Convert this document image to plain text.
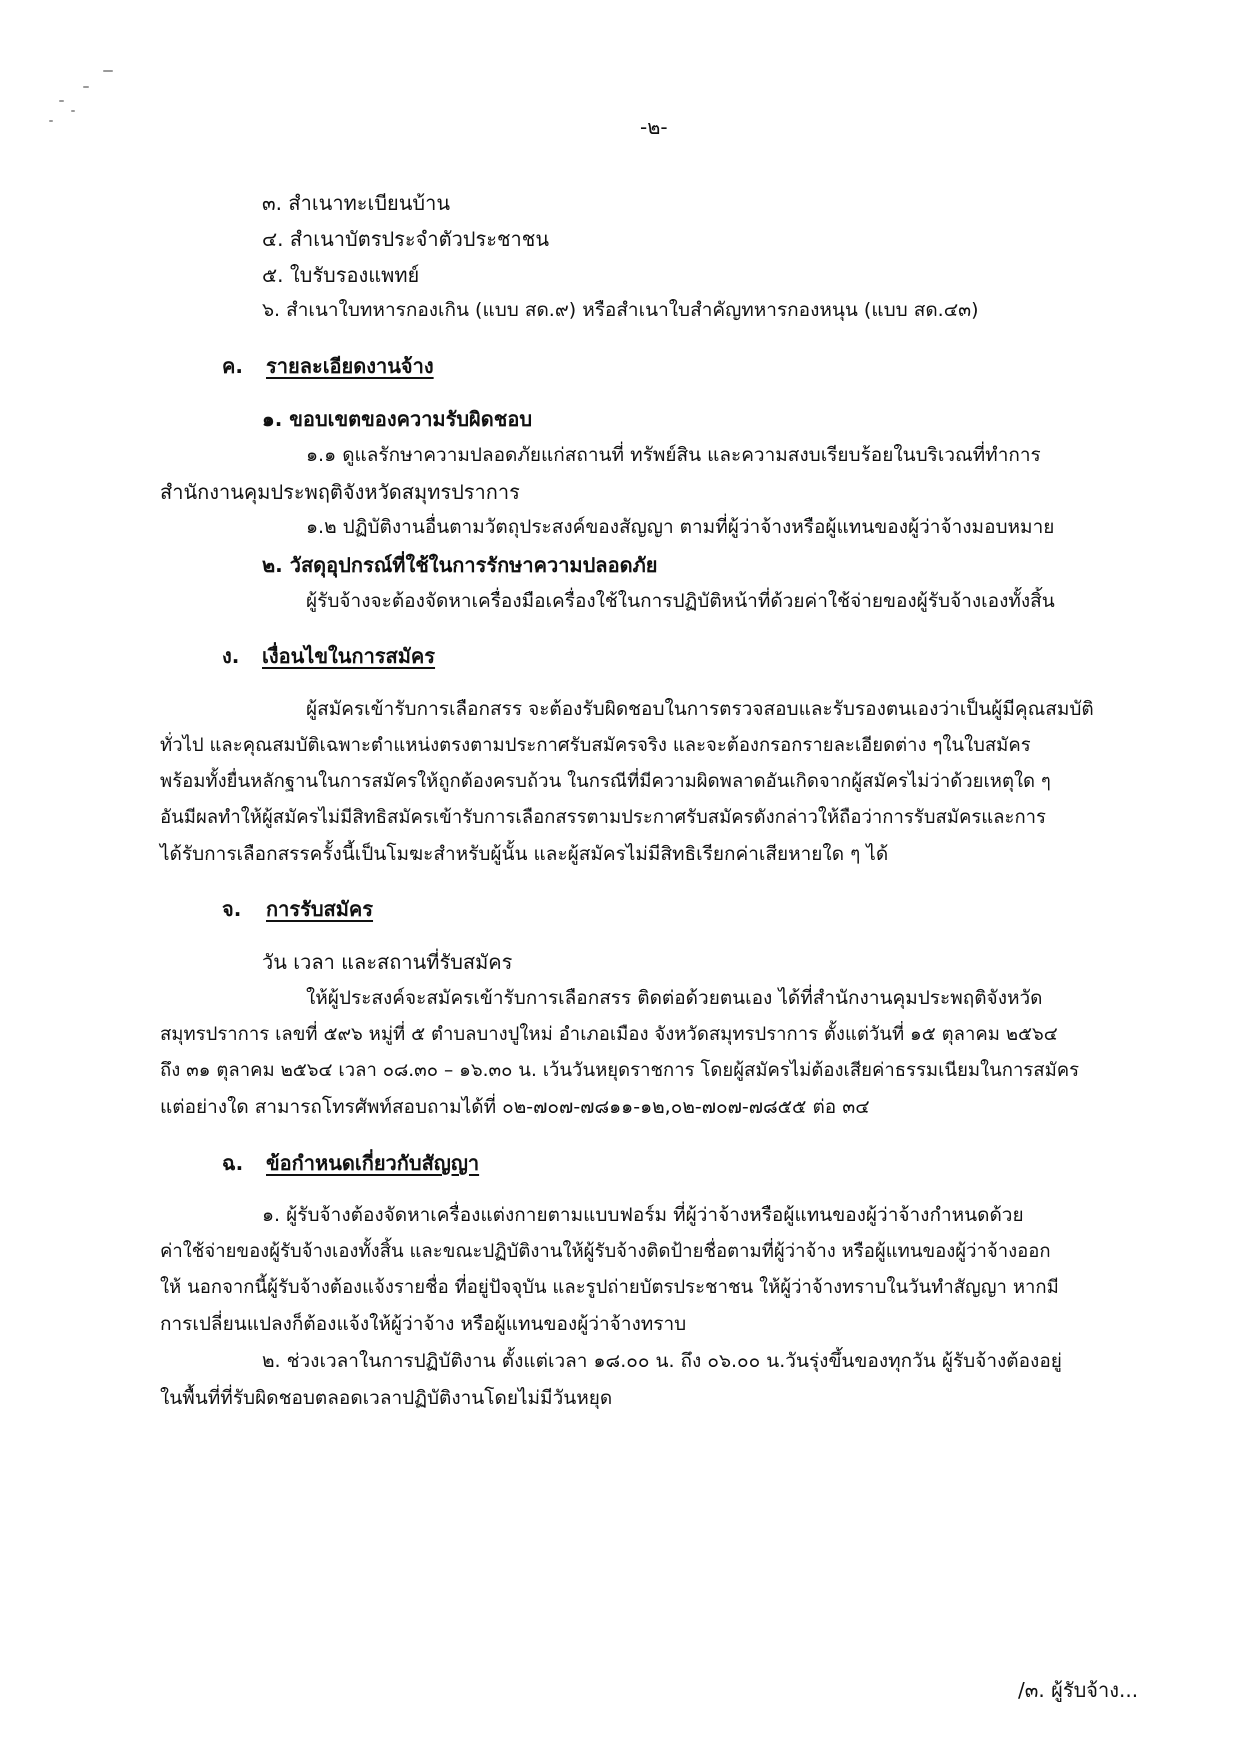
-๒-
๓. สำเนาทะเบียนบ้าน
๔. สำเนาบัตรประจำตัวประชาชน
๕. ใบรับรองแพทย์
๖. สำเนาใบทหารกองเกิน (แบบ สด.๙) หรือสำเนาใบสำคัญทหารกองหนุน (แบบ สด.๔๓)
ค. รายละเอียดงานจ้าง
๑. ขอบเขตของความรับผิดชอบ
๑.๑ ดูแลรักษาความปลอดภัยแก่สถานที่ ทรัพย์สิน และความสงบเรียบร้อยในบริเวณที่ทำการ
สำนักงานคุมประพฤติจังหวัดสมุทรปราการ
๑.๒ ปฏิบัติงานอื่นตามวัตถุประสงค์ของสัญญา ตามที่ผู้ว่าจ้างหรือผู้แทนของผู้ว่าจ้างมอบหมาย
๒. วัสดุอุปกรณ์ที่ใช้ในการรักษาความปลอดภัย
ผู้รับจ้างจะต้องจัดหาเครื่องมือเครื่องใช้ในการปฏิบัติหน้าที่ด้วยค่าใช้จ่ายของผู้รับจ้างเองทั้งสิ้น
ง. เงื่อนไขในการสมัคร
ผู้สมัครเข้ารับการเลือกสรร จะต้องรับผิดชอบในการตรวจสอบและรับรองตนเองว่าเป็นผู้มีคุณสมบัติ
ทั่วไป และคุณสมบัติเฉพาะตำแหน่งตรงตามประกาศรับสมัครจริง และจะต้องกรอกรายละเอียดต่าง ๆในใบสมัคร
พร้อมทั้งยื่นหลักฐานในการสมัครให้ถูกต้องครบถ้วน ในกรณีที่มีความผิดพลาดอันเกิดจากผู้สมัครไม่ว่าด้วยเหตุใด ๆ
อันมีผลทำให้ผู้สมัครไม่มีสิทธิสมัครเข้ารับการเลือกสรรตามประกาศรับสมัครดังกล่าวให้ถือว่าการรับสมัครและการ
ได้รับการเลือกสรรครั้งนี้เป็นโมฆะสำหรับผู้นั้น และผู้สมัครไม่มีสิทธิเรียกค่าเสียหายใด ๆ ได้
จ. การรับสมัคร
วัน เวลา และสถานที่รับสมัคร
ให้ผู้ประสงค์จะสมัครเข้ารับการเลือกสรร ติดต่อด้วยตนเอง ได้ที่สำนักงานคุมประพฤติจังหวัด
สมุทรปราการ เลขที่ ๕๙๖ หมู่ที่ ๕ ตำบลบางปูใหม่ อำเภอเมือง จังหวัดสมุทรปราการ ตั้งแต่วันที่ ๑๕ ตุลาคม ๒๕๖๔
ถึง ๓๑ ตุลาคม ๒๕๖๔ เวลา ๐๘.๓๐ – ๑๖.๓๐ น. เว้นวันหยุดราชการ โดยผู้สมัครไม่ต้องเสียค่าธรรมเนียมในการสมัคร
แต่อย่างใด สามารถโทรศัพท์สอบถามได้ที่ ๐๒-๗๐๗-๗๘๑๑-๑๒,๐๒-๗๐๗-๗๘๕๕ ต่อ ๓๔
ฉ. ข้อกำหนดเกี่ยวกับสัญญา
๑. ผู้รับจ้างต้องจัดหาเครื่องแต่งกายตามแบบฟอร์ม ที่ผู้ว่าจ้างหรือผู้แทนของผู้ว่าจ้างกำหนดด้วย
ค่าใช้จ่ายของผู้รับจ้างเองทั้งสิ้น และขณะปฏิบัติงานให้ผู้รับจ้างติดป้ายชื่อตามที่ผู้ว่าจ้าง หรือผู้แทนของผู้ว่าจ้างออก
ให้ นอกจากนี้ผู้รับจ้างต้องแจ้งรายชื่อ ที่อยู่ปัจจุบัน และรูปถ่ายบัตรประชาชน ให้ผู้ว่าจ้างทราบในวันทำสัญญา หากมี
การเปลี่ยนแปลงก็ต้องแจ้งให้ผู้ว่าจ้าง หรือผู้แทนของผู้ว่าจ้างทราบ
๒. ช่วงเวลาในการปฏิบัติงาน ตั้งแต่เวลา ๑๘.๐๐ น. ถึง ๐๖.๐๐ น.วันรุ่งขึ้นของทุกวัน ผู้รับจ้างต้องอยู่
ในพื้นที่ที่รับผิดชอบตลอดเวลาปฏิบัติงานโดยไม่มีวันหยุด
/๓. ผู้รับจ้าง...
